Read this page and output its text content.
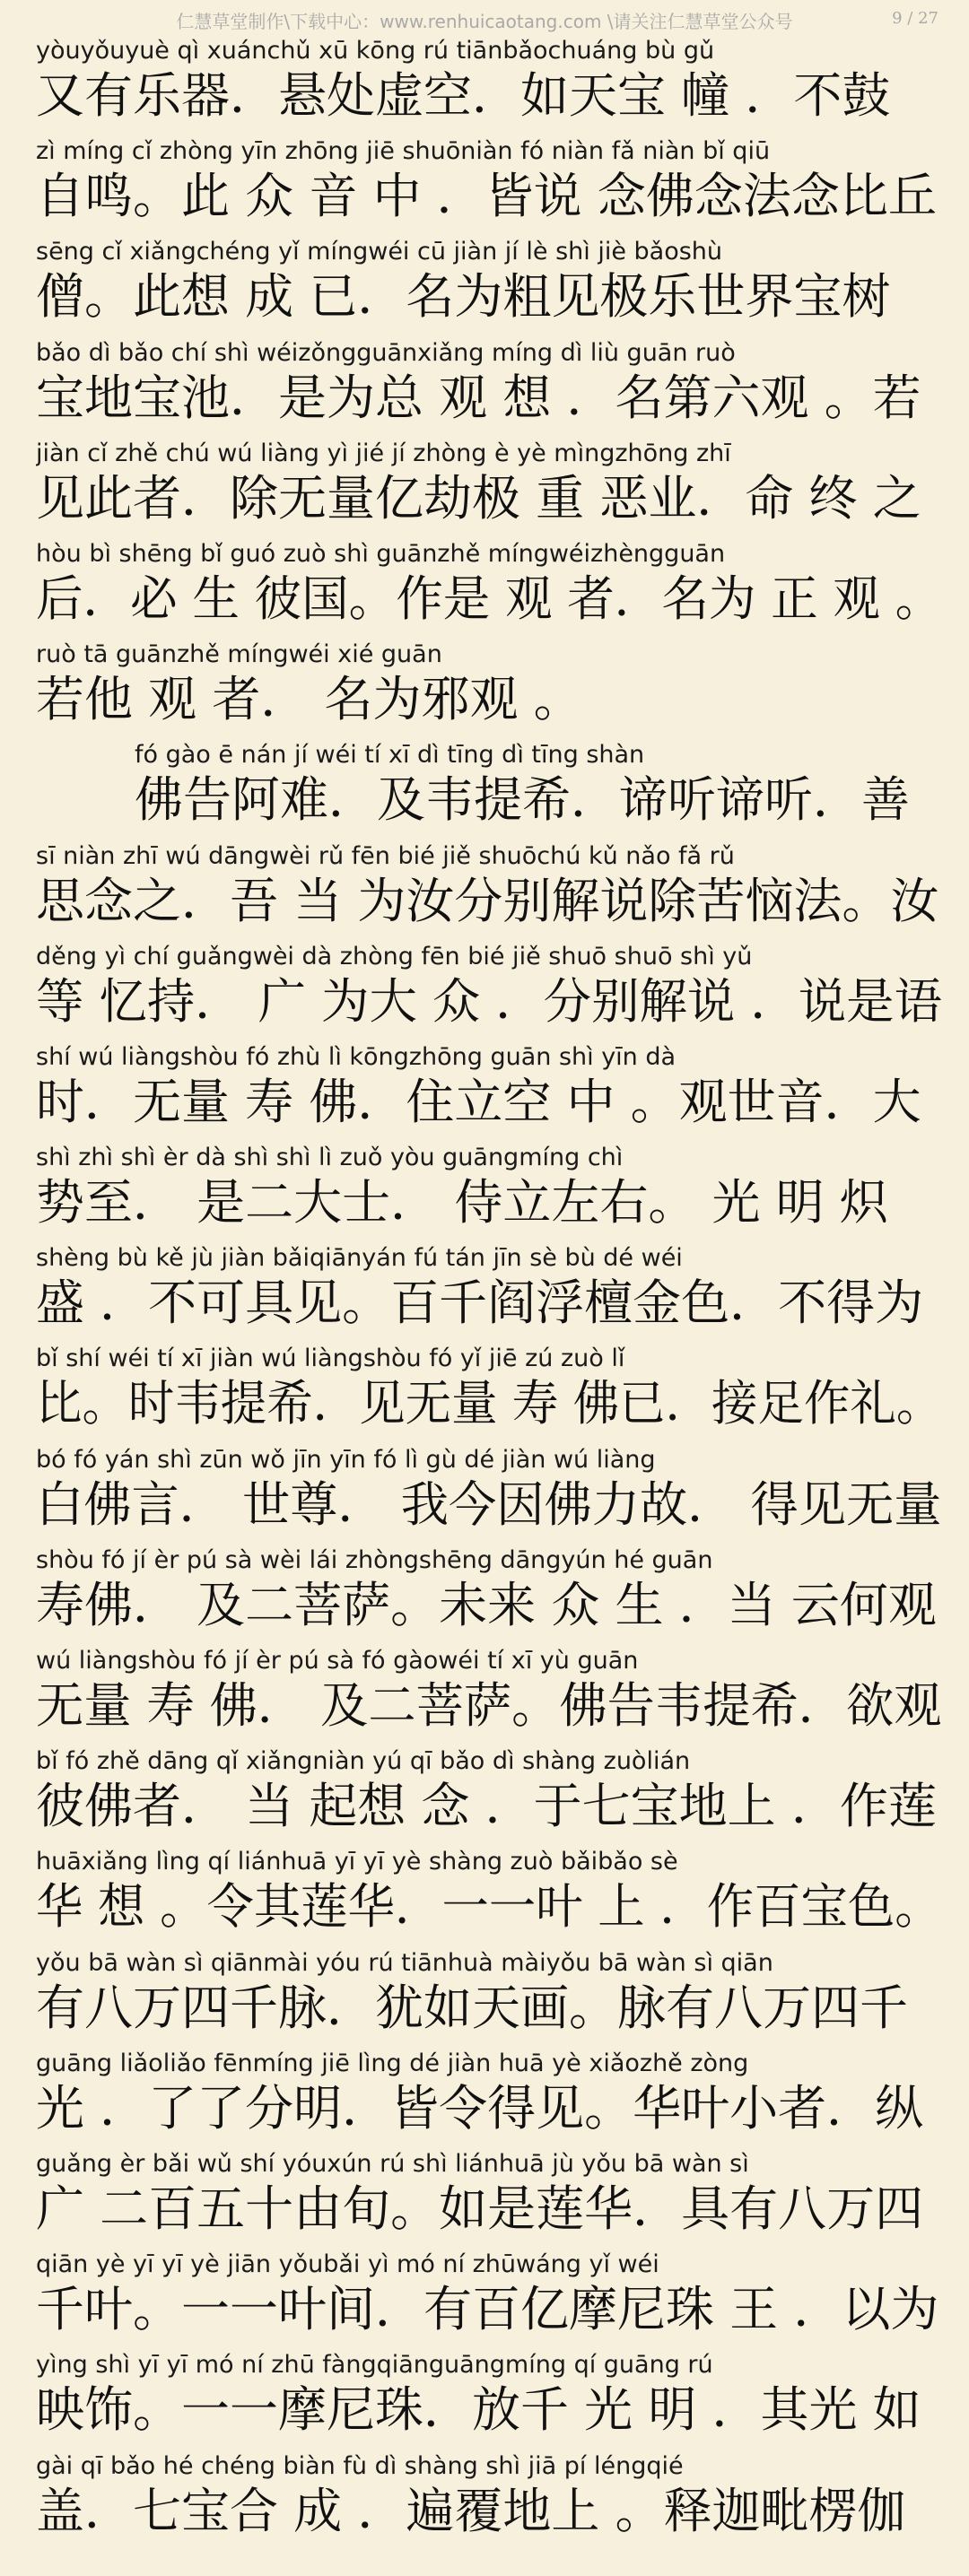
仁慧草堂制作\下载中心：www.renhuicaotang.com \请关注仁慧草堂公众号	9 / 27
yòuyǒuyuè qì xuánchǔ xū kōng rú tiānbǎochuáng bù gǔ
又有乐器．悬处虚空．如天宝 幢 ．不鼓
zì míng cǐ zhòng yīn zhōng jiē shuōniàn fó niàn fǎ niàn bǐ qiū
自鸣。此 众 音 中 ．皆说 念佛念法念比丘
sēng cǐ xiǎngchéng yǐ míngwéi cū jiàn jí lè shì jiè bǎoshù
僧。此想 成 已．名为粗见极乐世界宝树
bǎo dì bǎo chí shì wéizǒngguānxiǎng míng dì liù guān ruò
宝地宝池．是为总 观 想 ．名第六观 。若
jiàn cǐ zhě chú wú liàng yì jié jí zhòng è yè mìngzhōng zhī
见此者．除无量亿劫极 重 恶业．命 终 之
hòu bì shēng bǐ guó zuò shì guānzhě míngwéizhèngguān
后．必 生 彼国。作是 观 者．名为 正 观 。
ruò tā guānzhě míngwéi xié guān
若他 观 者． 名为邪观 。
fó gào ē nán jí wéi tí xī dì tīng dì tīng shàn
佛告阿难．及韦提希．谛听谛听．善
sī niàn zhī wú dāngwèi rǔ fēn bié jiě shuōchú kǔ nǎo fǎ rǔ
思念之．吾 当 为汝分别解说除苦恼法。汝
děng yì chí guǎngwèi dà zhòng fēn bié jiě shuō shuō shì yǔ
等 忆持． 广 为大 众 ．分别解说 ．说是语
shí wú liàngshòu fó zhù lì kōngzhōng guān shì yīn dà
时．无量 寿 佛．住立空 中 。观世音．大
shì zhì shì èr dà shì shì lì zuǒ yòu guāngmíng chì
势至． 是二大士． 侍立左右。 光 明 炽
shèng bù kě jù jiàn bǎiqiānyán fú tán jīn sè bù dé wéi
盛 ．不可具见。百千阎浮檀金色．不得为
bǐ shí wéi tí xī jiàn wú liàngshòu fó yǐ jiē zú zuò lǐ
比。时韦提希．见无量 寿 佛已．接足作礼。
bó fó yán shì zūn wǒ jīn yīn fó lì gù dé jiàn wú liàng
白佛言． 世尊． 我今因佛力故． 得见无量
shòu fó jí èr pú sà wèi lái zhòngshēng dāngyún hé guān
寿佛． 及二菩萨。未来 众 生 ．当 云何观
wú liàngshòu fó jí èr pú sà fó gàowéi tí xī yù guān
无量 寿 佛． 及二菩萨。佛告韦提希．欲观
bǐ fó zhě dāng qǐ xiǎngniàn yú qī bǎo dì shàng zuòlián
彼佛者． 当 起想 念 ．于七宝地上 ．作莲
huāxiǎng lìng qí liánhuā yī yī yè shàng zuò bǎibǎo sè
华 想 。令其莲华．一一叶 上 ．作百宝色。
yǒu bā wàn sì qiānmài yóu rú tiānhuà màiyǒu bā wàn sì qiān
有八万四千脉．犹如天画。脉有八万四千
guāng liǎoliǎo fēnmíng jiē lìng dé jiàn huā yè xiǎozhě zòng
光 ．了了分明．皆令得见。华叶小者．纵
guǎng èr bǎi wǔ shí yóuxún rú shì liánhuā jù yǒu bā wàn sì
广 二百五十由旬。如是莲华．具有八万四
qiān yè yī yī yè jiān yǒubǎi yì mó ní zhūwáng yǐ wéi
千叶。一一叶间．有百亿摩尼珠 王 ．以为
yìng shì yī yī mó ní zhū fàngqiānguāngmíng qí guāng rú
映饰。一一摩尼珠．放千 光 明 ．其光 如
gài qī bǎo hé chéng biàn fù dì shàng shì jiā pí léngqié
盖．七宝合 成 ．遍覆地上 。释迦毗楞伽
